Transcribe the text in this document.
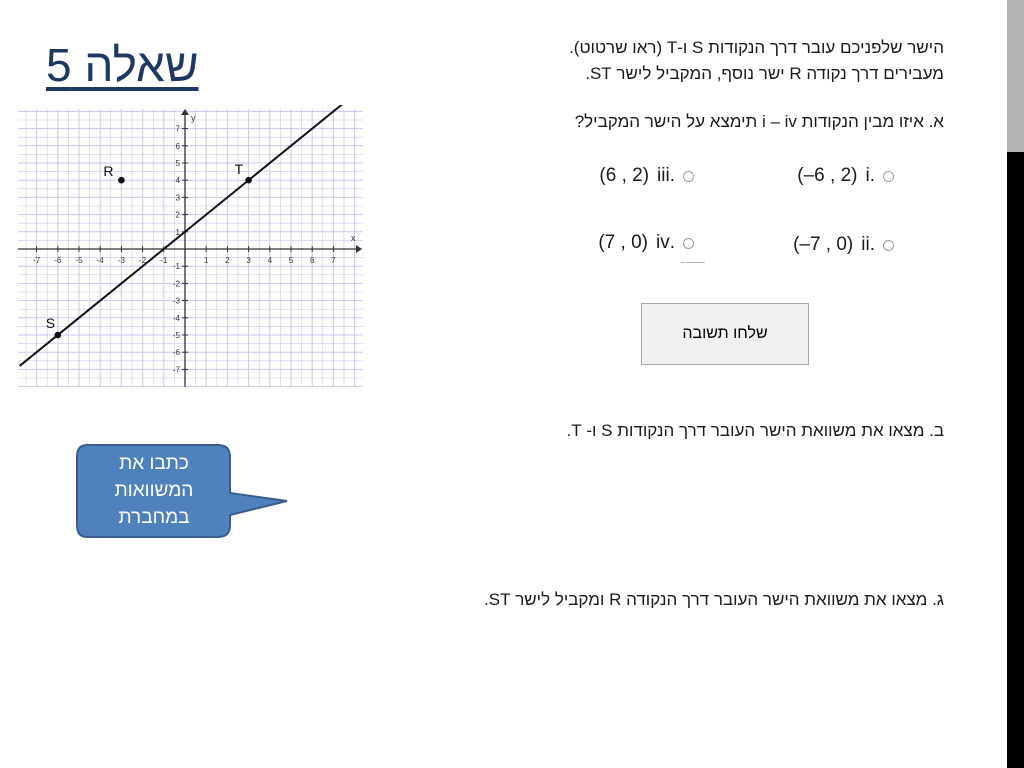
שאלה 5	הישר שלפניכם עובר דרך הנקודות S ו-T (ראו שרטוט).
מעבירים דרך נקודה R ישר נוסף, המקביל לישר ST.
א. איזו מבין הנקודות i – iv תימצא על הישר המקביל?
.i
(–6 , 2)
.ii
(–7 , 0)
.iii
(6 , 2)
.iv
(7 , 0)
שלחו תשובה
ב. מצאו את משוואת הישר העובר דרך הנקודות S ו- T.
ג. מצאו את משוואת הישר העובר דרך הנקודה R ומקביל לישר ST.
x
y
-7 -6 -5 -4 -3 -2 -1	1 2 3 4 5 6 7
7
6
5
4
3
2
1
-1
-2
-3
-4
-5
-6
-7
R	T
S
כתבו את
המשוואות
במחברת
